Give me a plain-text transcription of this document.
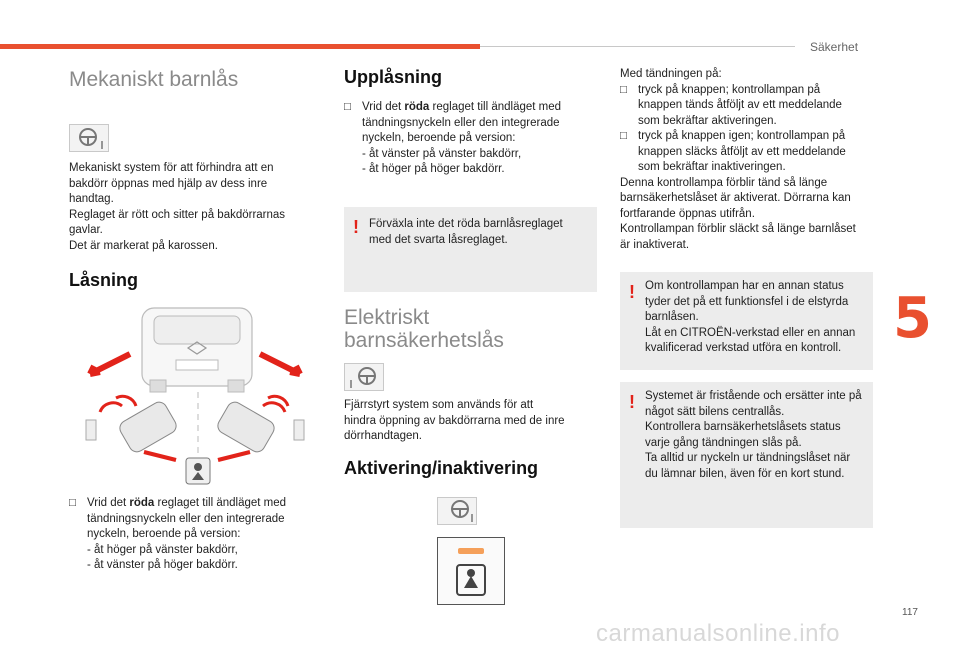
Säkerhet
5
117
carmanualsonline.info
Mekaniskt barnlås
Mekaniskt system för att förhindra att en
bakdörr öppnas med hjälp av dess inre
handtag.
Reglaget är rött och sitter på bakdörrarnas
gavlar.
Det är markerat på karossen.
Låsning
□ Vrid det röda reglaget till ändläget med
tändningsnyckeln eller den integrerade
nyckeln, beroende på version:
- åt höger på vänster bakdörr,
- åt vänster på höger bakdörr.
Upplåsning
□ Vrid det röda reglaget till ändläget med
tändningsnyckeln eller den integrerade
nyckeln, beroende på version:
- åt vänster på vänster bakdörr,
- åt höger på höger bakdörr.
! Förväxla inte det röda barnlåsreglaget
med det svarta låsreglaget.
Elektriskt
barnsäkerhetslås
Fjärrstyrt system som används för att
hindra öppning av bakdörrarna med de inre
dörrhandtagen.
Aktivering/inaktivering
Med tändningen på:
□ tryck på knappen; kontrollampan på
knappen tänds åtföljt av ett meddelande
som bekräftar aktiveringen.
□ tryck på knappen igen; kontrollampan på
knappen släcks åtföljt av ett meddelande
som bekräftar inaktiveringen.
Denna kontrollampa förblir tänd så länge
barnsäkerhetslåset är aktiverat. Dörrarna kan
fortfarande öppnas utifrån.
Kontrollampan förblir släckt så länge barnlåset
är inaktiverat.
! Om kontrollampan har en annan status
tyder det på ett funktionsfel i de elstyrda
barnlåsen.
Låt en CITROËN-verkstad eller en annan
kvalificerad verkstad utföra en kontroll.
! Systemet är fristående och ersätter inte på
något sätt bilens centrallås.
Kontrollera barnsäkerhetslåsets status
varje gång tändningen slås på.
Ta alltid ur nyckeln ur tändningslåset när
du lämnar bilen, även för en kort stund.
